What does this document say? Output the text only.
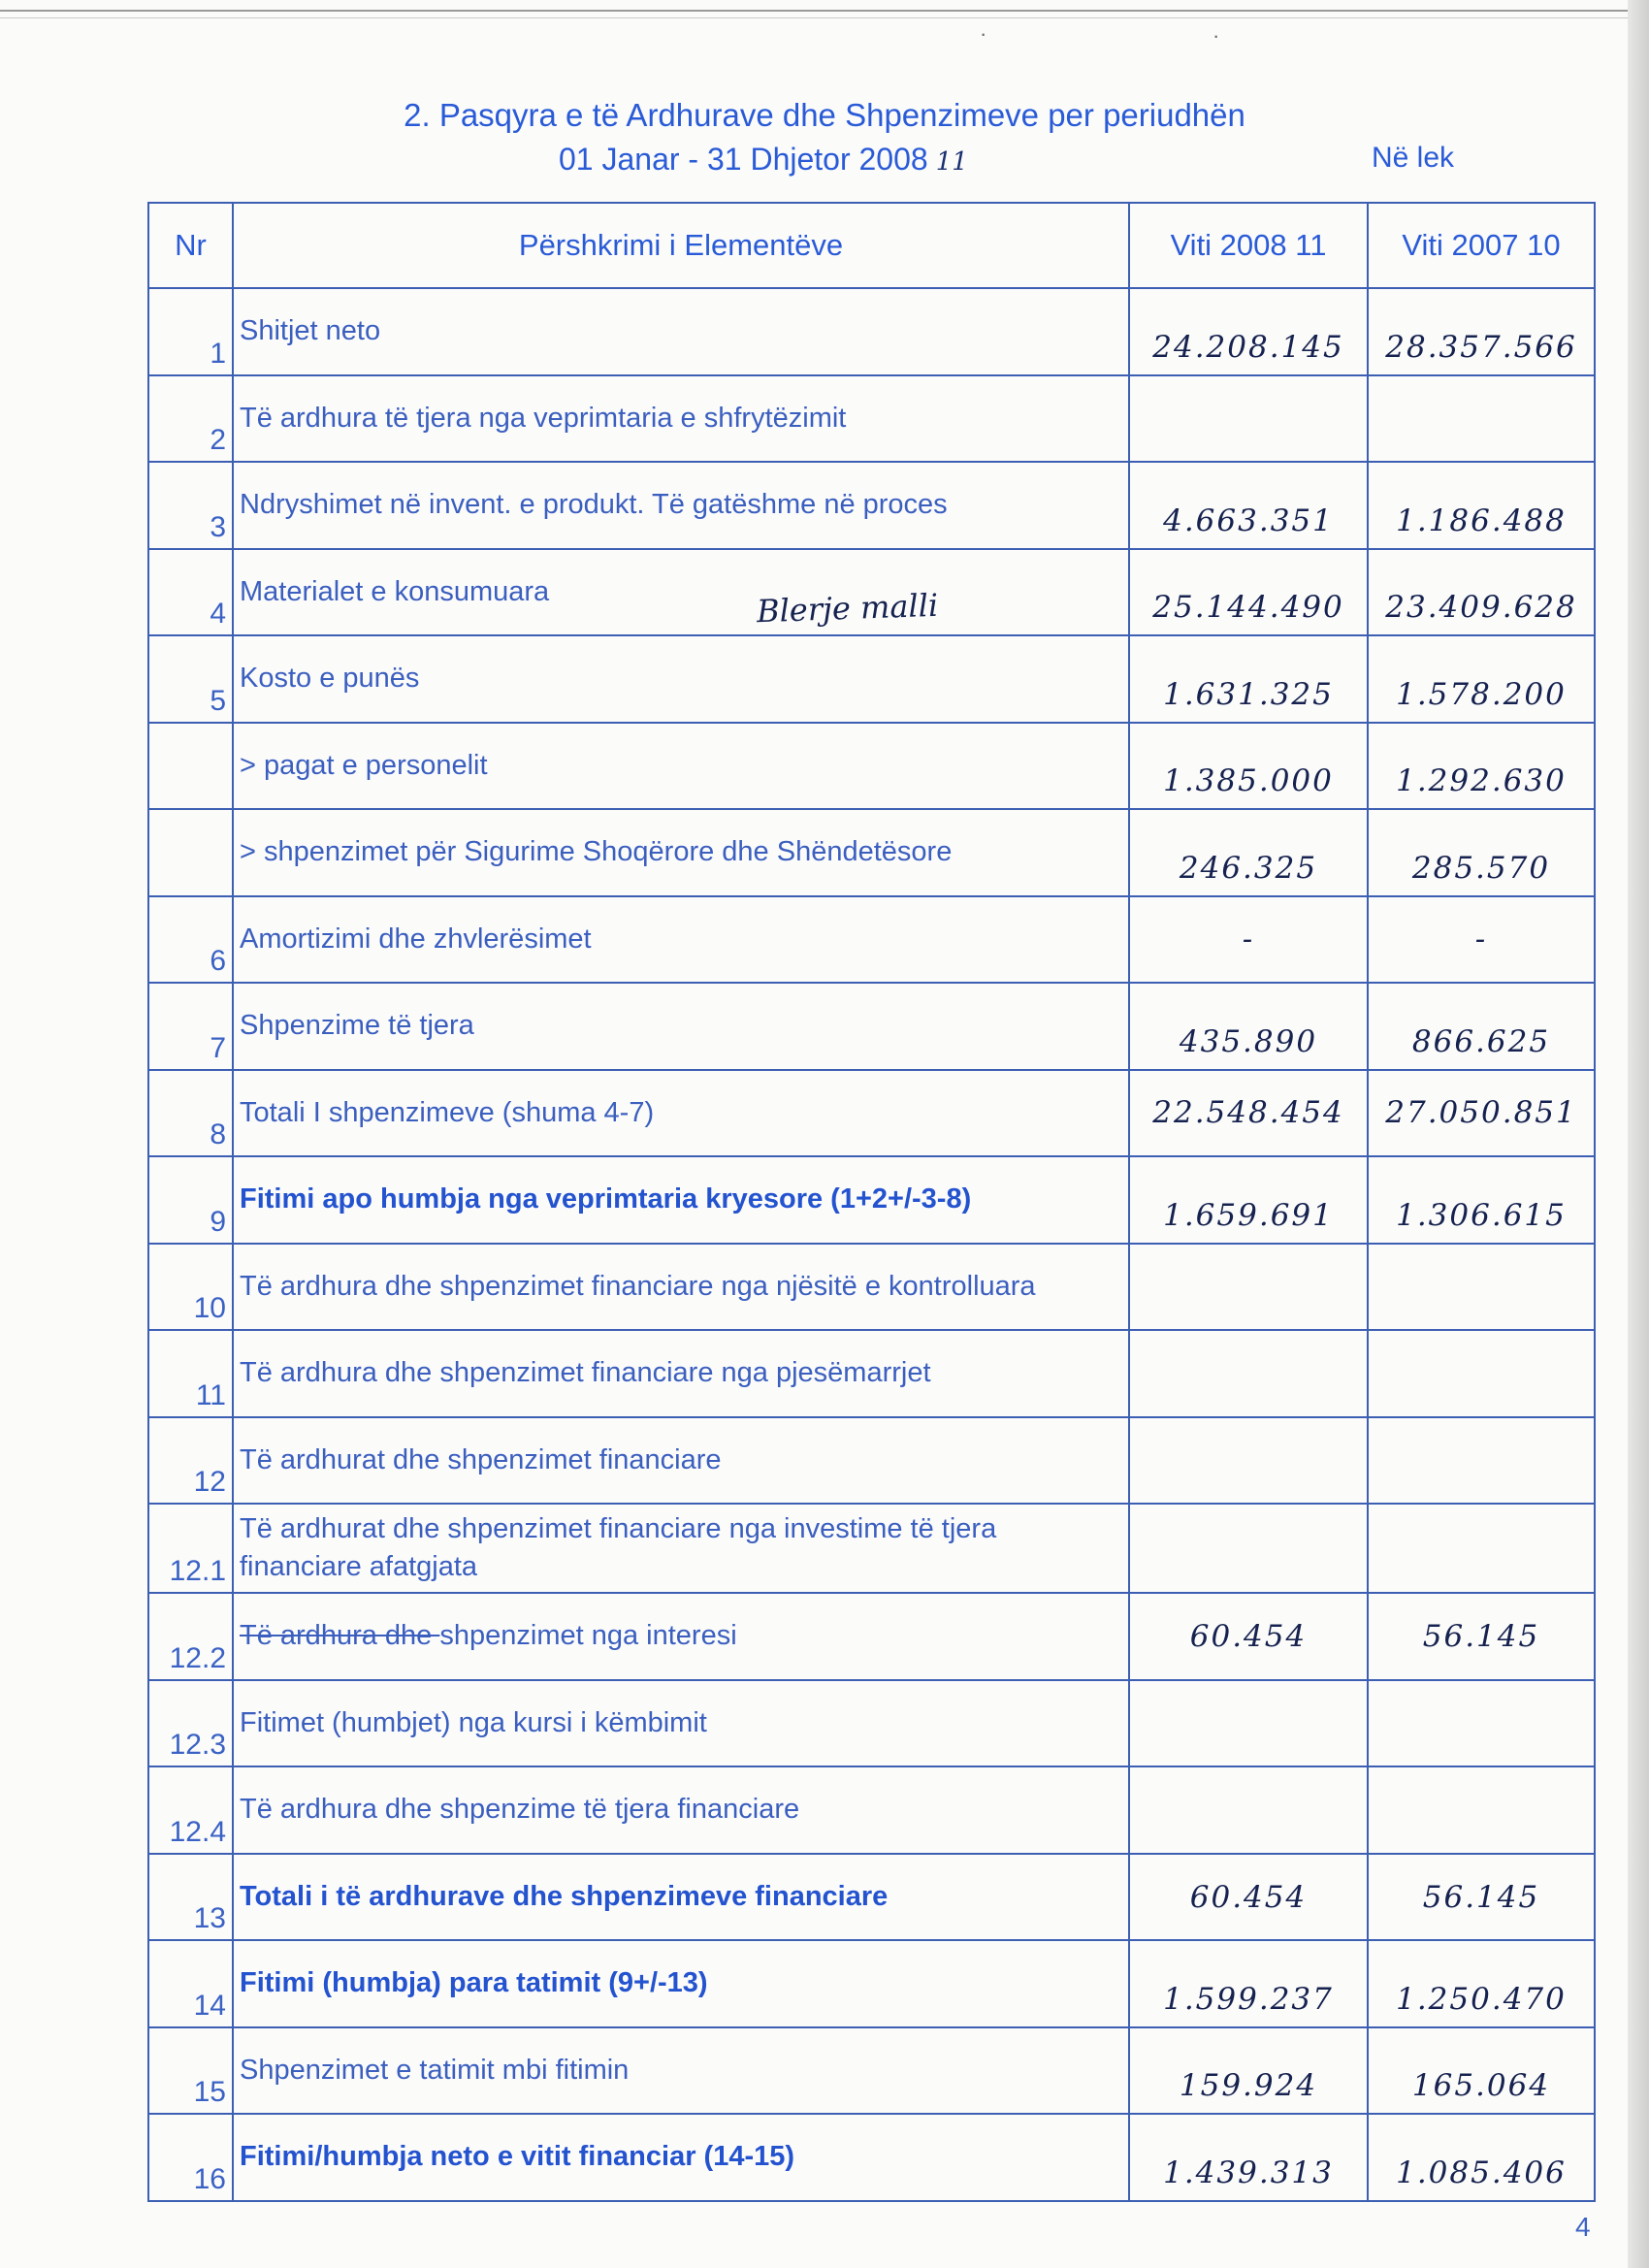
·	·
2. Pasqyra e të Ardhurave dhe Shpenzimeve per periudhën
01 Janar - 31 Dhjetor 2008 11	Në lek
Nr	Përshkrimi i Elementëve	Viti 2008 11	Viti 2007 10
1	Shitjet neto	24.208.145	28.357.566
2	Të ardhura të tjera nga veprimtaria e shfrytëzimit		
3	Ndryshimet në invent. e produkt. Të gatëshme në proces	4.663.351	1.186.488
4	Materialet e konsumuara	25.144.490	23.409.628
5	Kosto e punës	1.631.325	1.578.200
	> pagat e personelit	1.385.000	1.292.630
	> shpenzimet për Sigurime Shoqërore dhe Shëndetësore	246.325	285.570
6	Amortizimi dhe zhvlerësimet	-	-
7	Shpenzime të tjera	435.890	866.625
8	Totali I shpenzimeve (shuma 4-7)	22.548.454	27.050.851
9	Fitimi apo humbja nga veprimtaria kryesore (1+2+/-3-8)	1.659.691	1.306.615
10	Të ardhura dhe shpenzimet financiare nga njësitë e kontrolluara		
11	Të ardhura dhe shpenzimet financiare nga pjesëmarrjet		
12	Të ardhurat dhe shpenzimet financiare		
12.1	Të ardhurat dhe shpenzimet financiare nga investime të tjera financiare afatgjata		
12.2	Të ardhura dhe shpenzimet nga interesi	60.454	56.145
12.3	Fitimet (humbjet) nga kursi i këmbimit		
12.4	Të ardhura dhe shpenzime të tjera financiare		
13	Totali i të ardhurave dhe shpenzimeve financiare	60.454	56.145
14	Fitimi (humbja) para tatimit (9+/-13)	1.599.237	1.250.470
15	Shpenzimet e tatimit mbi fitimin	159.924	165.064
16	Fitimi/humbja neto e vitit financiar (14-15)	1.439.313	1.085.406
Blerje malli
4
